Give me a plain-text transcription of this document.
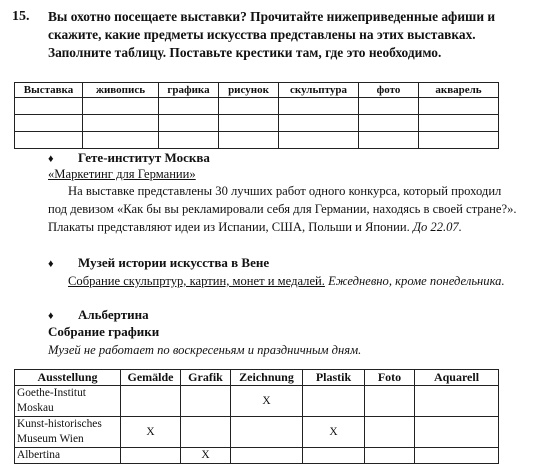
15. Вы охотно посещаете выставки? Прочитайте нижеприведенные афиши и скажите, какие предметы искусства представлены на этих выставках. Заполните таблицу. Поставьте крестики там, где это необходимо.

Выставка	живопись	графика	рисунок	скульптура	фото	акварель

♦ Гете-институт Москва
«Маркетинг для Германии»
На выставке представлены 30 лучших работ одного конкурса, который проходил под девизом «Как бы вы рекламировали себя для Германии, находясь в своей стране?». Плакаты представляют идеи из Испании, США, Польши и Японии. До 22.07.
♦ Музей истории искусства в Вене
Собрание скульпртур, картин, монет и медалей. Ежедневно, кроме понедельника.
♦ Альбертина
Собрание графики
Музей не работает по воскресеньям и праздничным дням.
Ausstellung	Gemälde	Grafik	Zeichnung	Plastik	Foto	Aquarell
Goethe-Institut Moskau			X			
Kunst-historisches Museum Wien	X			X		
Albertina		X				
